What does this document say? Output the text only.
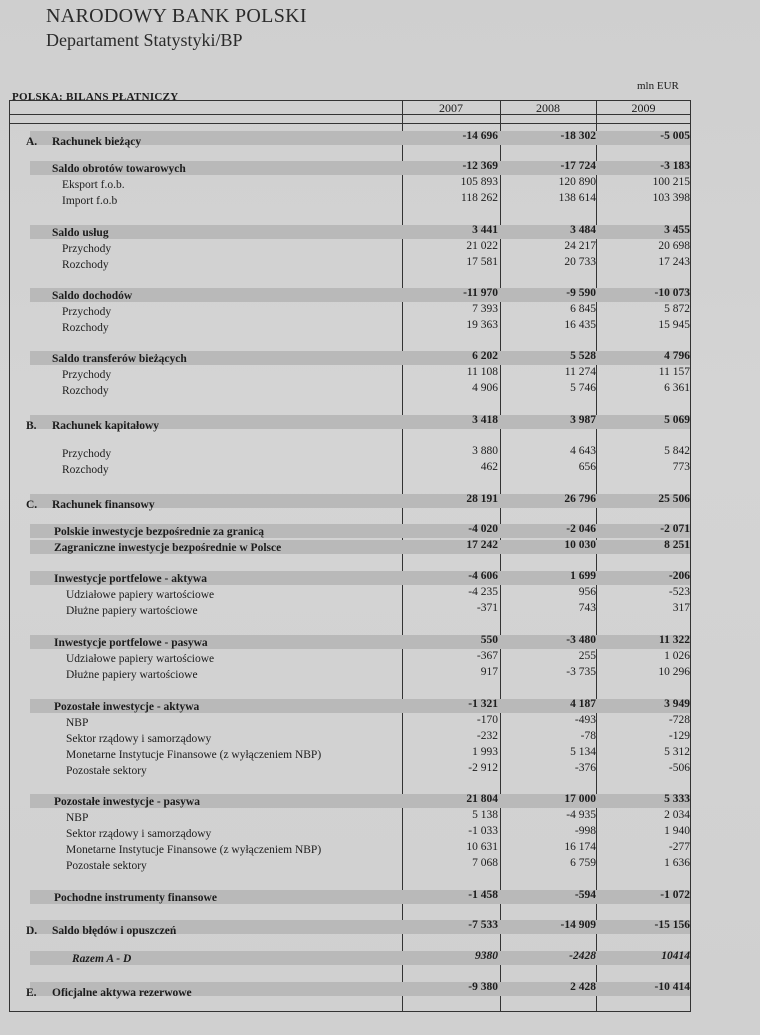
NARODOWY BANK POLSKI
Departament Statystyki/BP
POLSKA: BILANS PŁATNICZY
mln EUR
2007	2008	2009
A. Rachunek bieżący	-14 696	-18 302	-5 005
Saldo obrotów towarowych	-12 369	-17 724	-3 183
Eksport f.o.b.	105 893	120 890	100 215
Import f.o.b	118 262	138 614	103 398
Saldo usług	3 441	3 484	3 455
Przychody	21 022	24 217	20 698
Rozchody	17 581	20 733	17 243
Saldo dochodów	-11 970	-9 590	-10 073
Przychody	7 393	6 845	5 872
Rozchody	19 363	16 435	15 945
Saldo transferów bieżących	6 202	5 528	4 796
Przychody	11 108	11 274	11 157
Rozchody	4 906	5 746	6 361
B. Rachunek kapitałowy	3 418	3 987	5 069
Przychody	3 880	4 643	5 842
Rozchody	462	656	773
C. Rachunek finansowy	28 191	26 796	25 506
Polskie inwestycje bezpośrednie za granicą	-4 020	-2 046	-2 071
Zagraniczne inwestycje bezpośrednie w Polsce	17 242	10 030	8 251
Inwestycje portfelowe - aktywa	-4 606	1 699	-206
Udziałowe papiery wartościowe	-4 235	956	-523
Dłużne papiery wartościowe	-371	743	317
Inwestycje portfelowe - pasywa	550	-3 480	11 322
Udziałowe papiery wartościowe	-367	255	1 026
Dłużne papiery wartościowe	917	-3 735	10 296
Pozostałe inwestycje - aktywa	-1 321	4 187	3 949
NBP	-170	-493	-728
Sektor rządowy i samorządowy	-232	-78	-129
Monetarne Instytucje Finansowe (z wyłączeniem NBP)	1 993	5 134	5 312
Pozostałe sektory	-2 912	-376	-506
Pozostałe inwestycje - pasywa	21 804	17 000	5 333
NBP	5 138	-4 935	2 034
Sektor rządowy i samorządowy	-1 033	-998	1 940
Monetarne Instytucje Finansowe (z wyłączeniem NBP)	10 631	16 174	-277
Pozostałe sektory	7 068	6 759	1 636
Pochodne instrumenty finansowe	-1 458	-594	-1 072
D. Saldo błędów i opuszczeń	-7 533	-14 909	-15 156
Razem A - D	9380	-2428	10414
E. Oficjalne aktywa rezerwowe	-9 380	2 428	-10 414
